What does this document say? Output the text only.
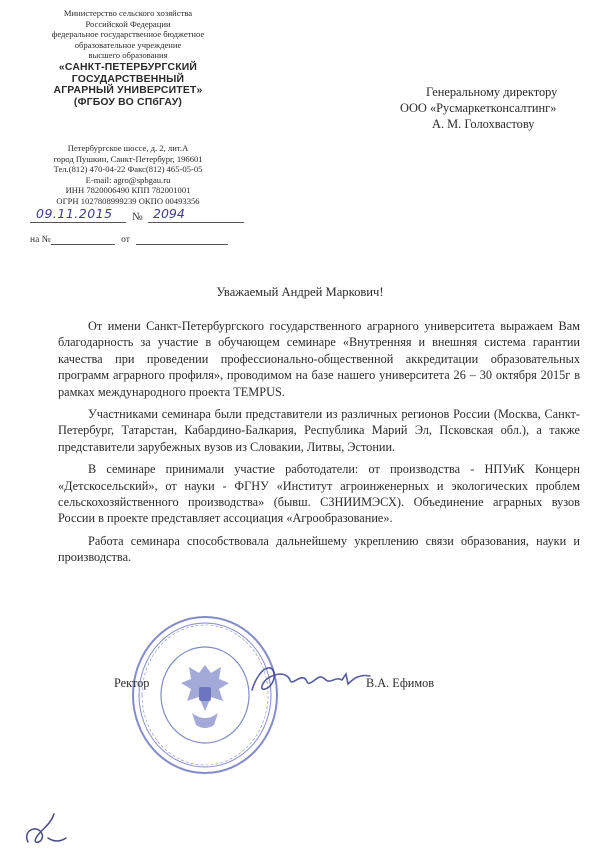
Министерство сельского хозяйства
Российской Федерации
федеральное государственное бюджетное
образовательное учреждение
высшего образования
«САНКТ-ПЕТЕРБУРГСКИЙ
ГОСУДАРСТВЕННЫЙ
АГРАРНЫЙ УНИВЕРСИТЕТ»
(ФГБОУ ВО СПбГАУ)
Петербургское шоссе, д. 2, лит.А
город Пушкин, Санкт-Петербург, 196601
Тел.(812) 470-04-22 Факс(812) 465-05-05
E-mail: agro@spbgau.ru
ИНН 7820006490 КПП 782001001
ОГРН 1027808999239 ОКПО 00493356
09.11.2015 № 2094
на №	от
Генеральному директору
ООО «Русмаркетконсалтинг»
А. М. Голохвастову
Уважаемый Андрей Маркович!

От имени Санкт-Петербургского государственного аграрного университета выражаем Вам благодарность за участие в обучающем семинаре «Внутренняя и внешняя система гарантии качества при проведении профессионально-общественной аккредитации образовательных программ аграрного профиля», проводимом на базе нашего университета 26 – 30 октября 2015г в рамках международного проекта TEMPUS.

Участниками семинара были представители из различных регионов России (Москва, Санкт-Петербург, Татарстан, Кабардино-Балкария, Республика Марий Эл, Псковская обл.), а также представители зарубежных вузов из Словакии, Литвы, Эстонии.

В семинаре принимали участие работодатели: от производства - НПУиК Концерн «Детскосельский», от науки - ФГНУ «Институт агроинженерных и экологических проблем сельскохозяйственного производства» (бывш. СЗНИИМЭСХ). Объединение аграрных вузов России в проекте представляет ассоциация «Агрообразование».

Работа семинара способствовала дальнейшему укреплению связи образования, науки и производства.

Ректор	В.А. Ефимов
